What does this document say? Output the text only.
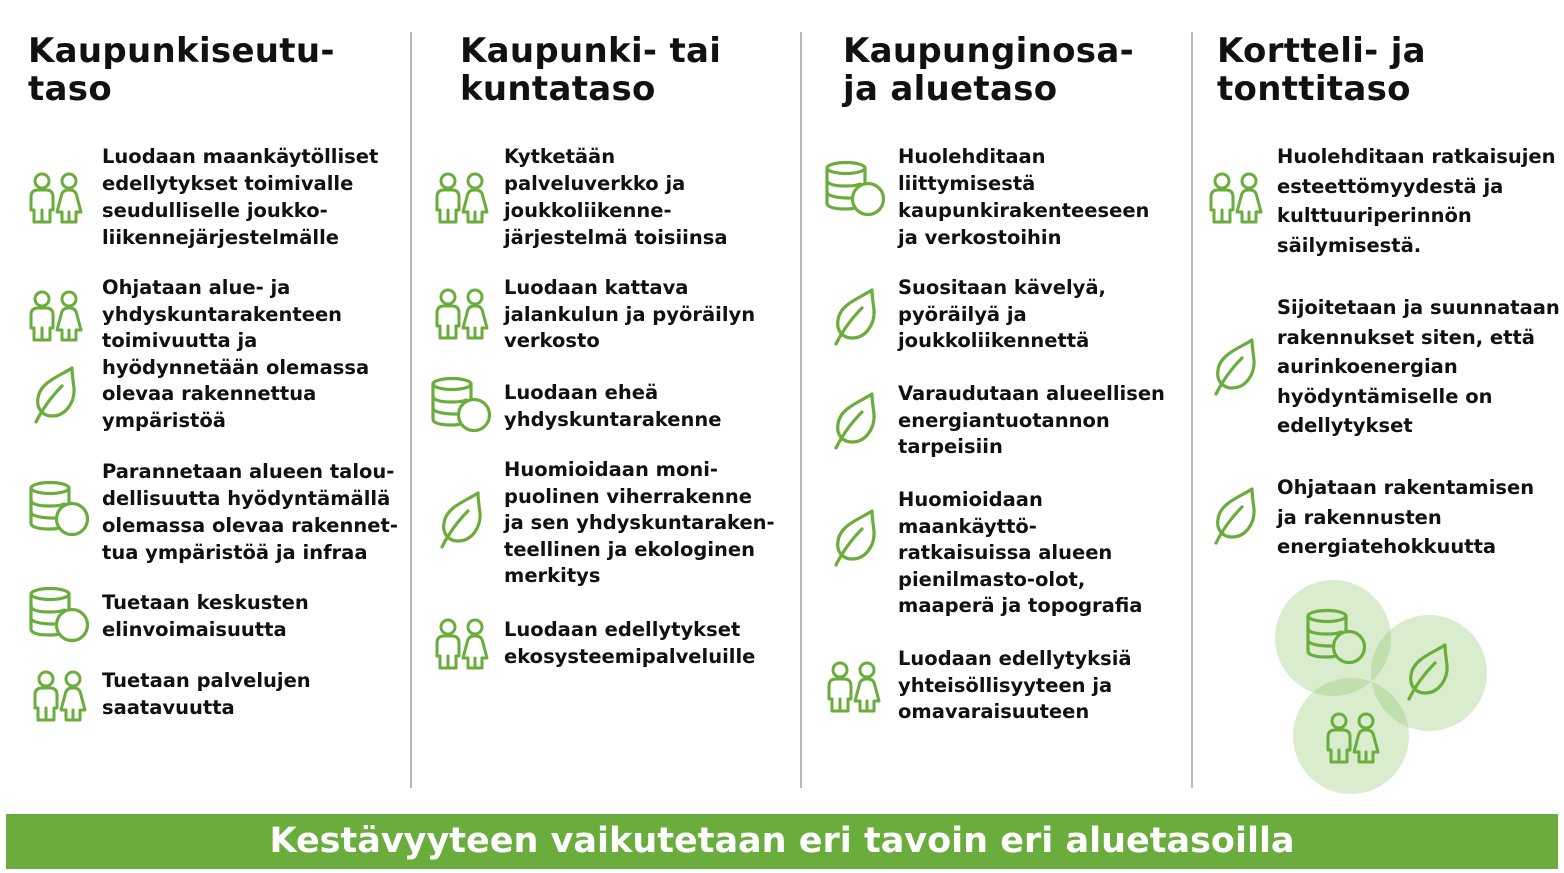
Kaupunkiseutu-
taso
Kaupunki- tai
kuntataso
Kaupunginosa-
ja aluetaso
Kortteli- ja
tonttitaso

Luodaan maankäytölliset
edellytykset toimivalle
seudulliselle joukko-
liikennejärjestelmälle

Ohjataan alue- ja
yhdyskuntarakenteen
toimivuutta ja
hyödynnetään olemassa
olevaa rakennettua
ympäristöä

Parannetaan alueen talou-
dellisuutta hyödyntämällä
olemassa olevaa rakennet-
tua ympäristöä ja infraa

Tuetaan keskusten
elinvoimaisuutta

Tuetaan palvelujen
saatavuutta

Kytketään
palveluverkko ja
joukkoliikenne-
järjestelmä toisiinsa

Luodaan kattava
jalankulun ja pyöräilyn
verkosto

Luodaan eheä
yhdyskuntarakenne

Huomioidaan moni-
puolinen viherrakenne
ja sen yhdyskuntaraken-
teellinen ja ekologinen
merkitys

Luodaan edellytykset
ekosysteemipalveluille

Huolehditaan
liittymisestä
kaupunkirakenteeseen
ja verkostoihin

Suositaan kävelyä,
pyöräilyä ja
joukkoliikennettä

Varaudutaan alueellisen
energiantuotannon
tarpeisiin

Huomioidaan
maankäyttö-
ratkaisuissa alueen
pienilmasto-olot,
maaperä ja topografia

Luodaan edellytyksiä
yhteisöllisyyteen ja
omavaraisuuteen

Huolehditaan ratkaisujen
esteettömyydestä ja
kulttuuriperinnön
säilymisestä.

Sijoitetaan ja suunnataan
rakennukset siten, että
aurinkoenergian
hyödyntämiselle on
edellytykset

Ohjataan rakentamisen
ja rakennusten
energiatehokkuutta

Kestävyyteen vaikutetaan eri tavoin eri aluetasoilla
